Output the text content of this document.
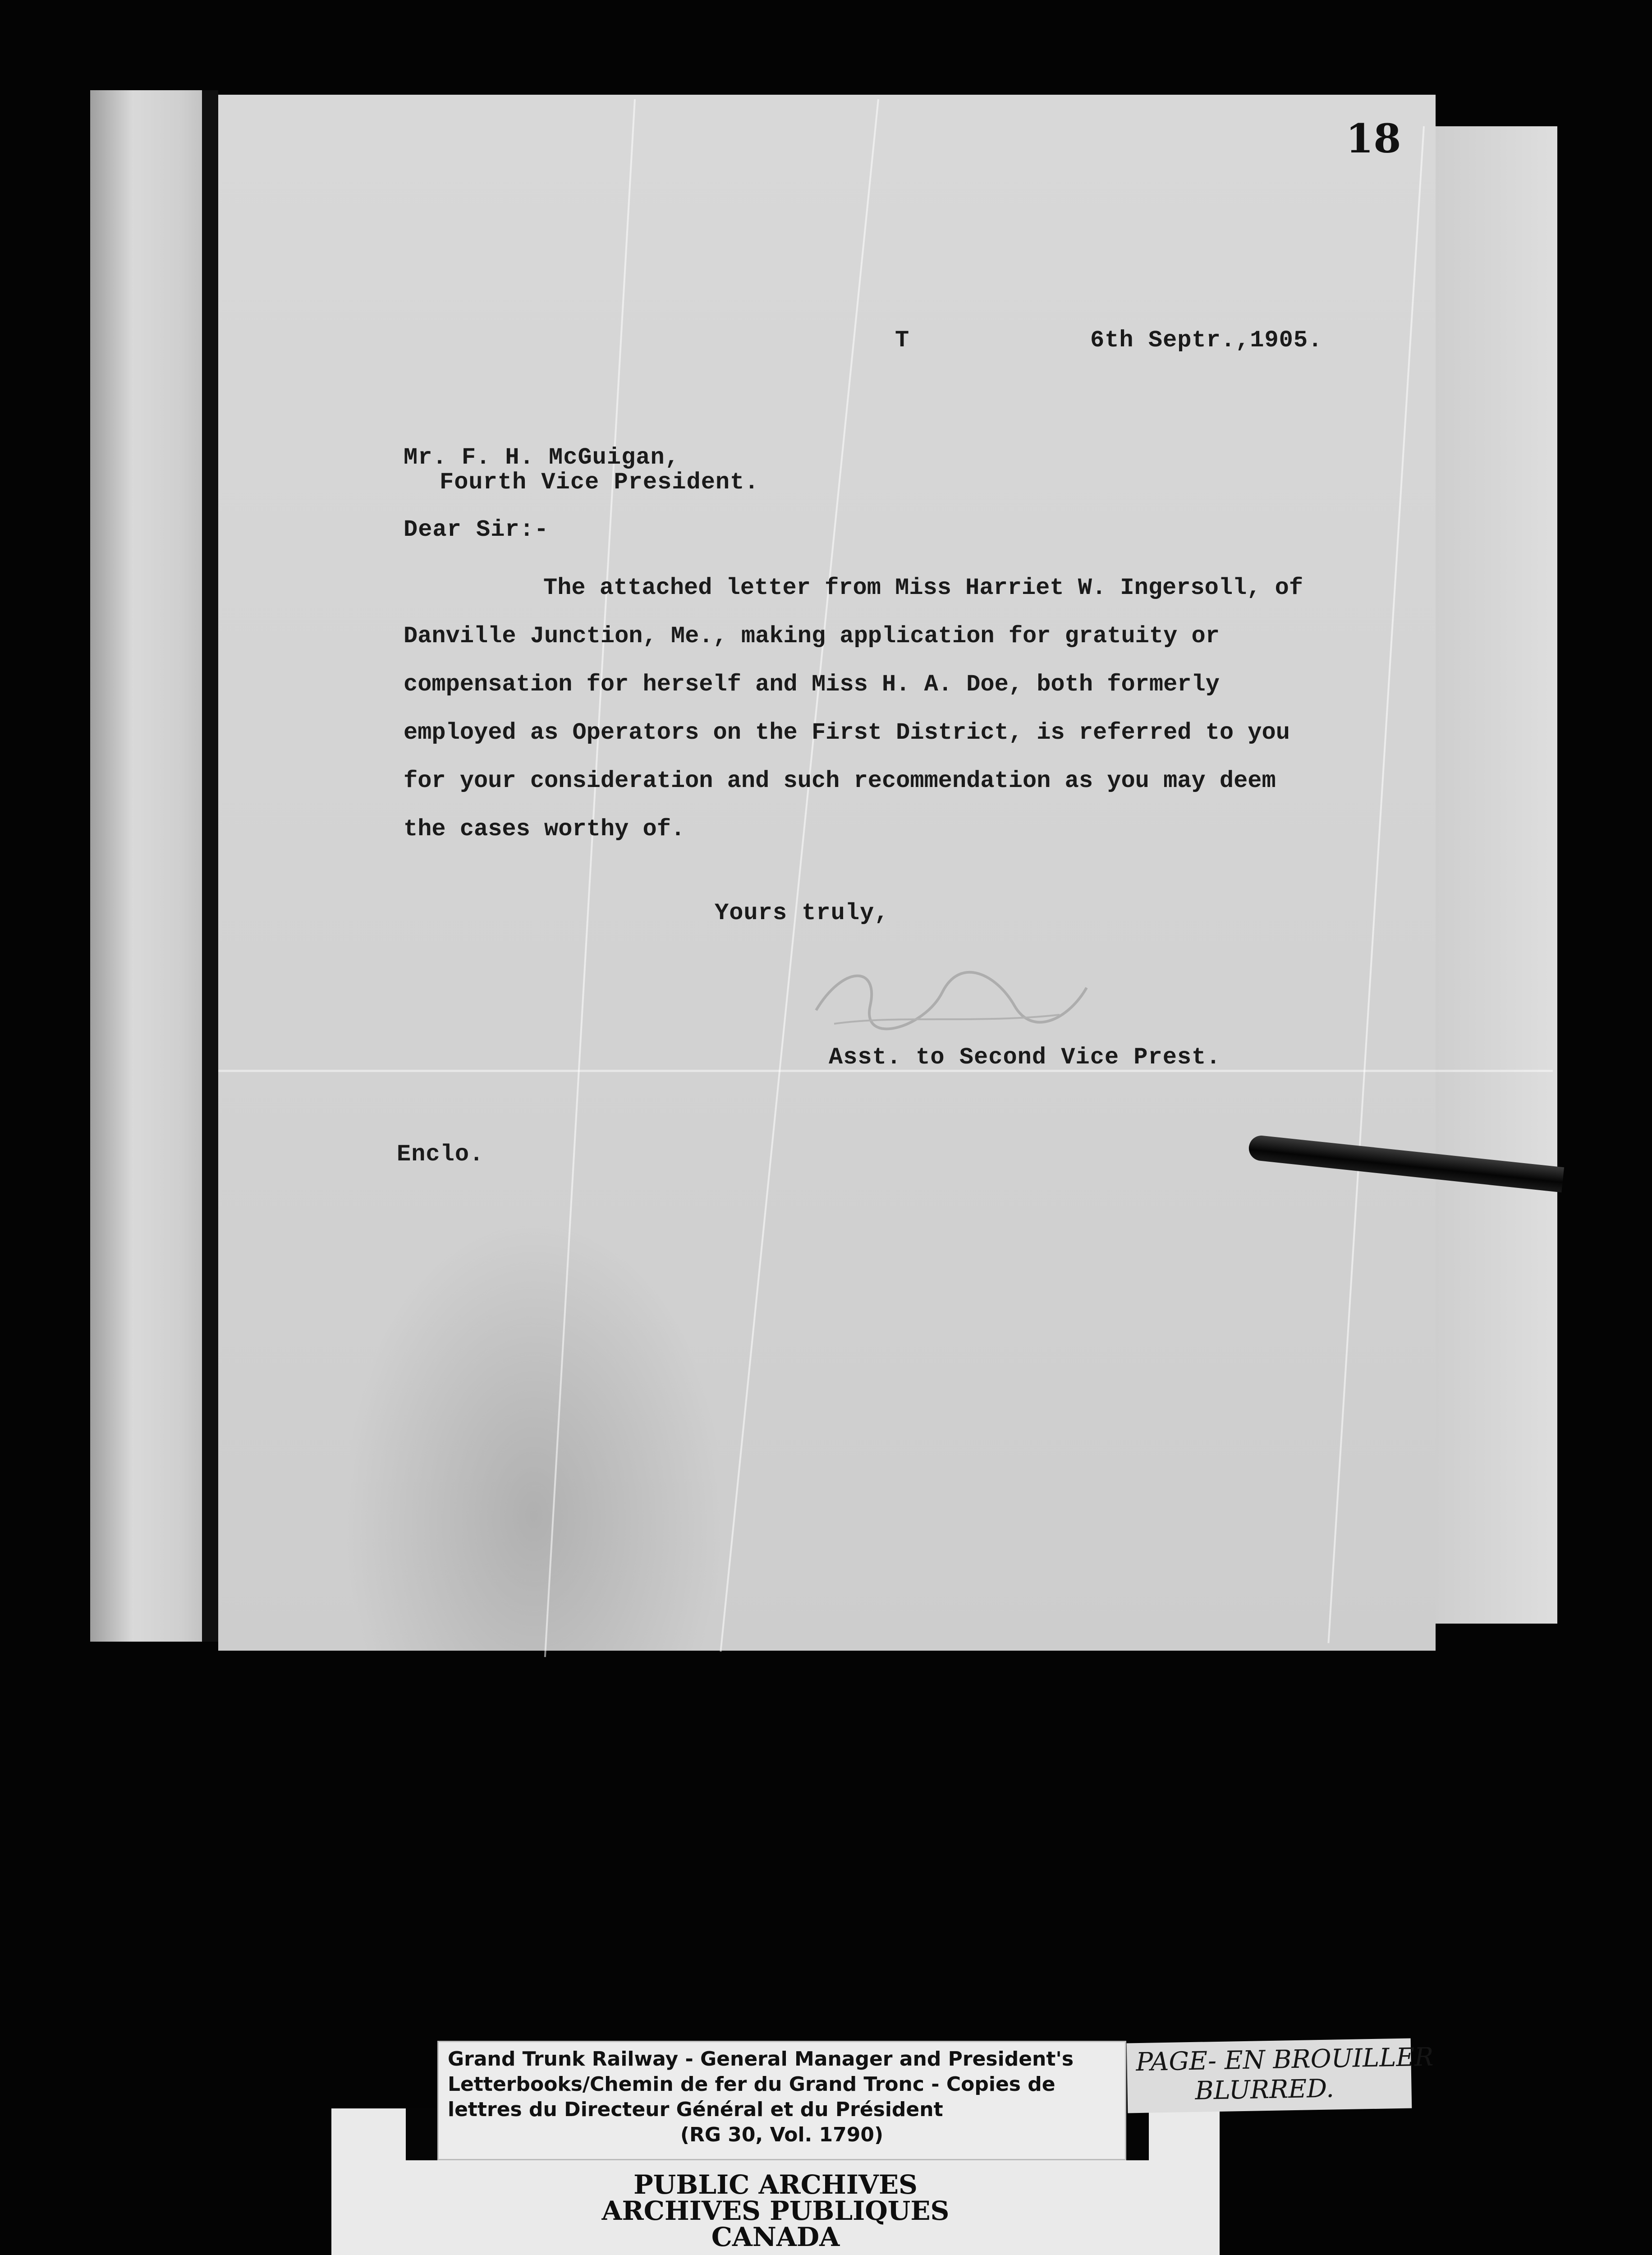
18
T	6th Septr.,1905.
Mr. F. H. McGuigan,
Fourth Vice President.
Dear Sir:-
The attached letter from Miss Harriet W. Ingersoll, of
Danville Junction, Me., making application for gratuity or
compensation for herself and Miss H. A. Doe, both formerly
employed as Operators on the First District, is referred to you
for your consideration and such recommendation as you may deem
the cases worthy of.
Yours truly,
Asst. to Second Vice Prest.
Enclo.
Grand Trunk Railway - General Manager and President's
Letterbooks/Chemin de fer du Grand Tronc - Copies de
lettres du Directeur Général et du Président
(RG 30, Vol. 1790)
PAGE- EN BROUILLER
BLURRED.
PUBLIC ARCHIVES
ARCHIVES PUBLIQUES
CANADA
